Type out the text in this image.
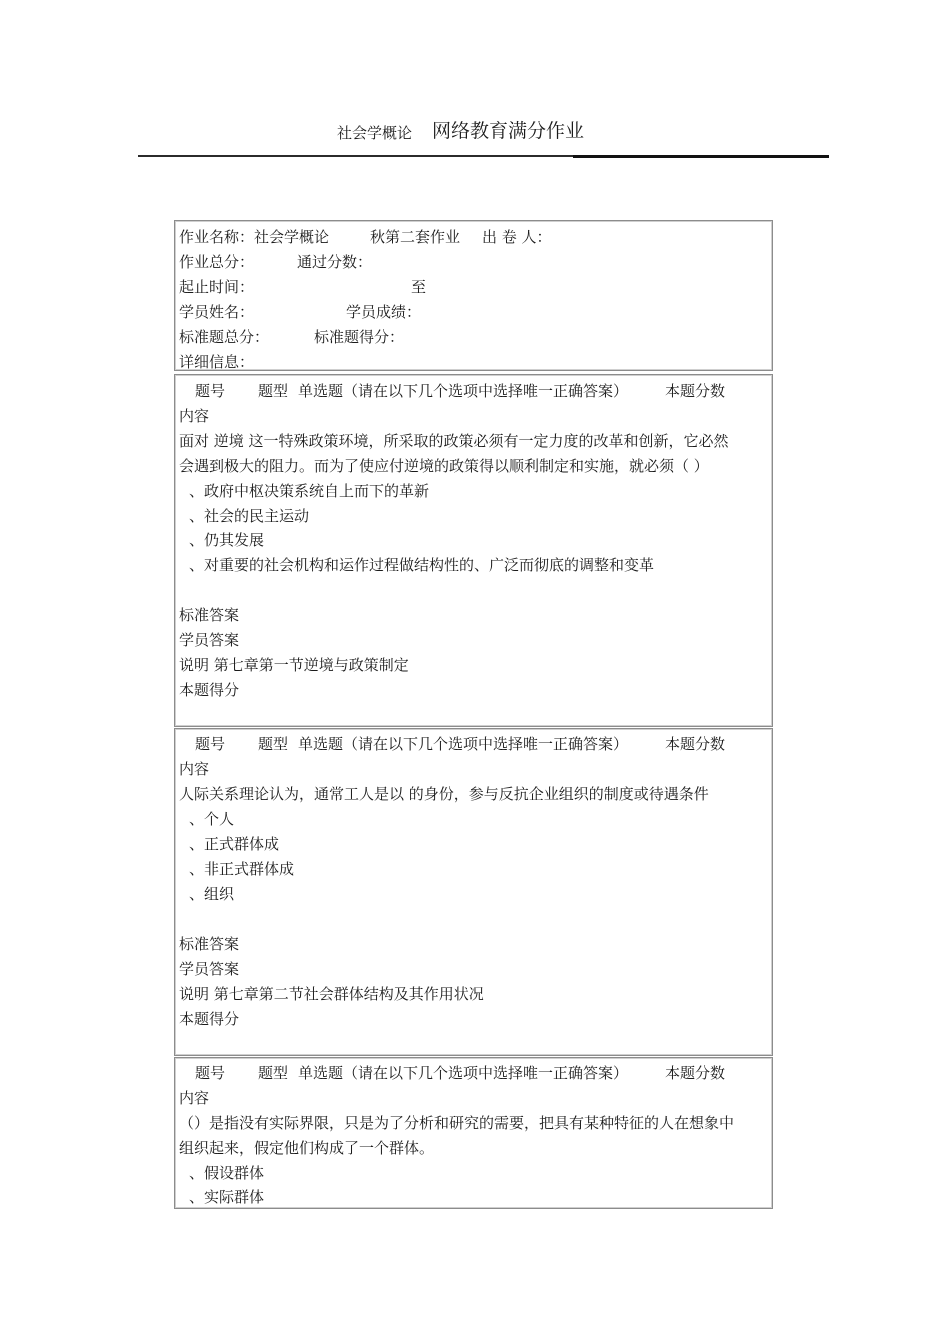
社会学概论 网络教育满分作业
作业名称：社会学概论	秋第二套作业 出 卷 人：
作业总分：	通过分数：
起止时间：	至
学员姓名：	学员成绩：
标准题总分：	标准题得分：
详细信息：
题号 题型 单选题（请在以下几个选项中选择唯一正确答案） 本题分数
内容
面对 逆境 这一特殊政策环境，所采取的政策必须有一定力度的改革和创新，它必然
会遇到极大的阻力。而为了使应付逆境的政策得以顺利制定和实施，就必须（ ）
、政府中枢决策系统自上而下的革新
、社会的民主运动
、仍其发展
、对重要的社会机构和运作过程做结构性的、广泛而彻底的调整和变革
标准答案
学员答案
说明 第七章第一节逆境与政策制定
本题得分
题号 题型 单选题（请在以下几个选项中选择唯一正确答案） 本题分数
内容
人际关系理论认为，通常工人是以 的身份，参与反抗企业组织的制度或待遇条件
、个人
、正式群体成
、非正式群体成
、组织
标准答案
学员答案
说明 第七章第二节社会群体结构及其作用状况
本题得分
题号 题型 单选题（请在以下几个选项中选择唯一正确答案） 本题分数
内容
（）是指没有实际界限，只是为了分析和研究的需要，把具有某种特征的人在想象中
组织起来，假定他们构成了一个群体。
、假设群体
、实际群体
